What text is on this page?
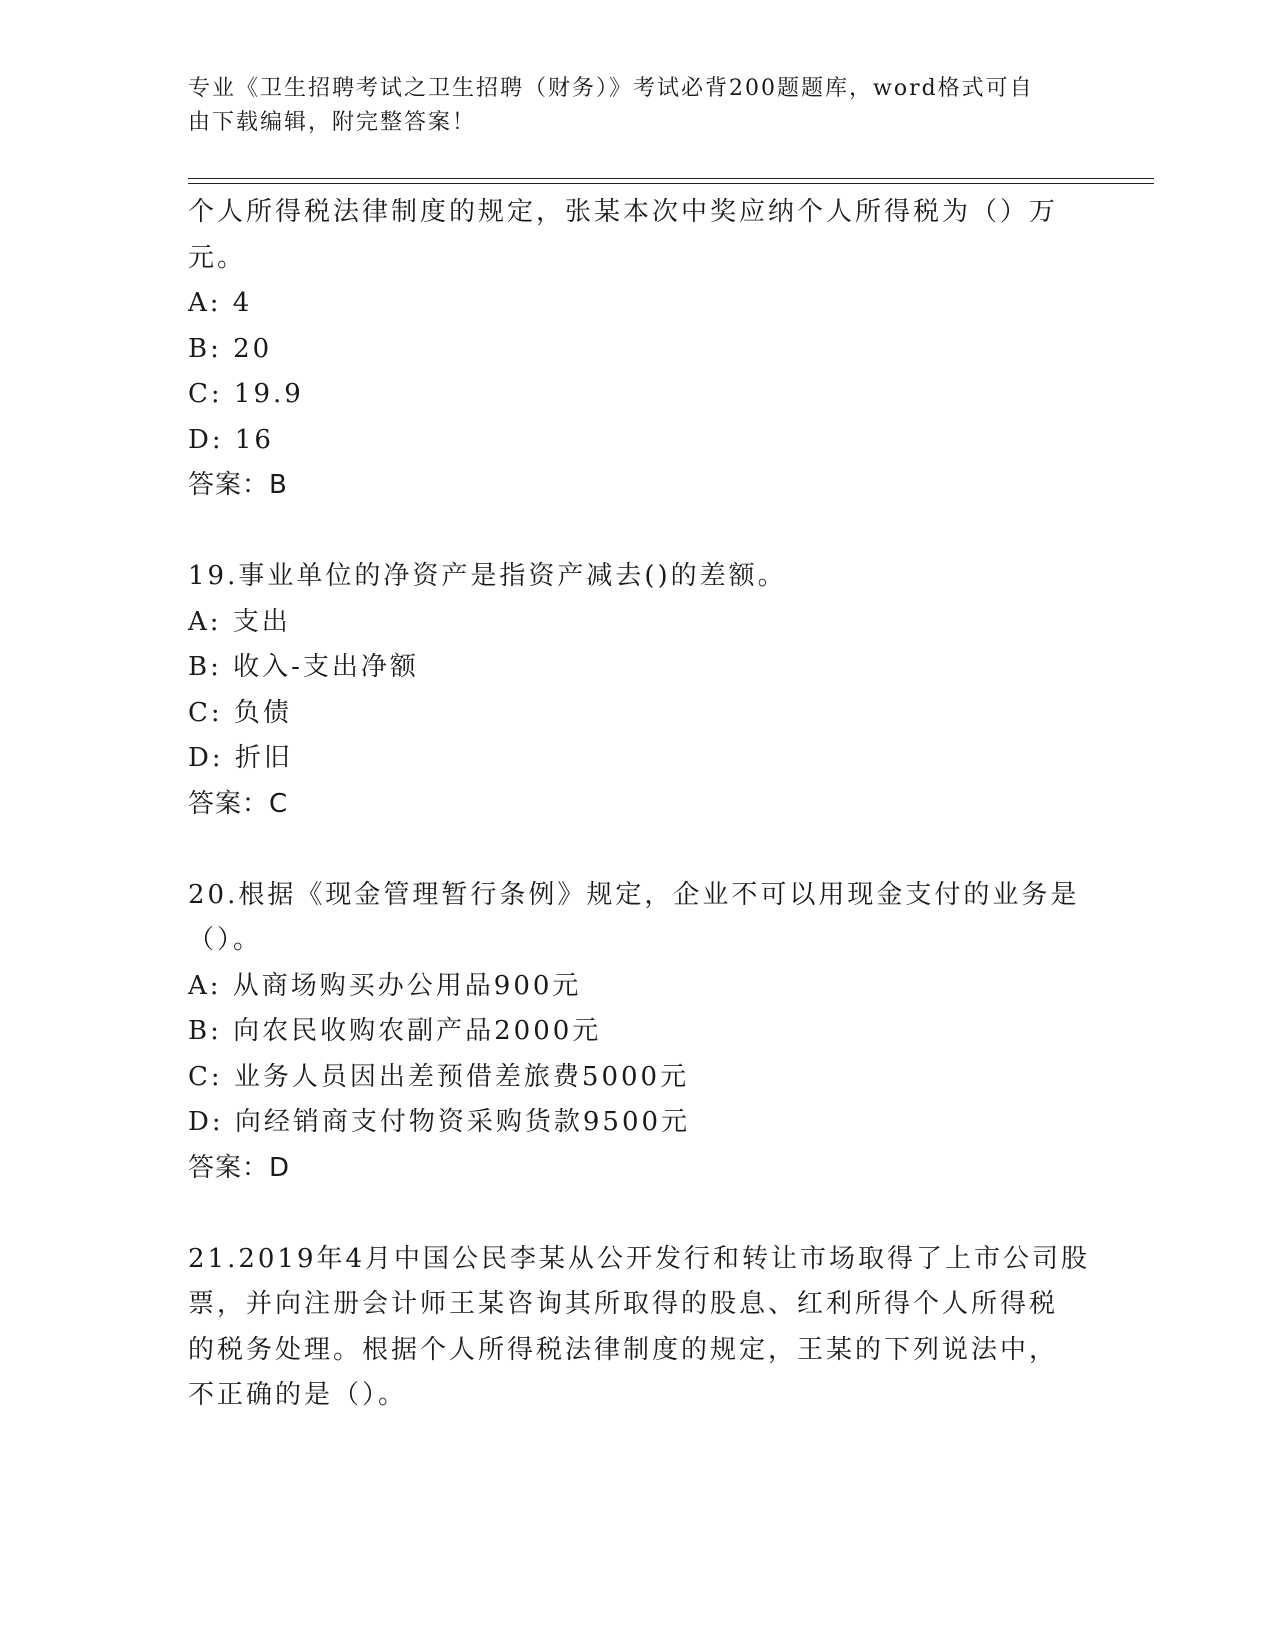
专业《卫生招聘考试之卫生招聘（财务）》考试必背200题题库，word格式可自
由下载编辑，附完整答案！
个人所得税法律制度的规定，张某本次中奖应纳个人所得税为（）万
元。
A: 4
B: 20
C: 19.9
D: 16
答案：B
19.事业单位的净资产是指资产减去()的差额。
A: 支出
B: 收入-支出净额
C: 负债
D: 折旧
答案：C
20.根据《现金管理暂行条例》规定，企业不可以用现金支付的业务是
（）。
A: 从商场购买办公用品900元
B: 向农民收购农副产品2000元
C: 业务人员因出差预借差旅费5000元
D: 向经销商支付物资采购货款9500元
答案：D
21.2019年4月中国公民李某从公开发行和转让市场取得了上市公司股
票，并向注册会计师王某咨询其所取得的股息、红利所得个人所得税
的税务处理。根据个人所得税法律制度的规定，王某的下列说法中，
不正确的是（）。
